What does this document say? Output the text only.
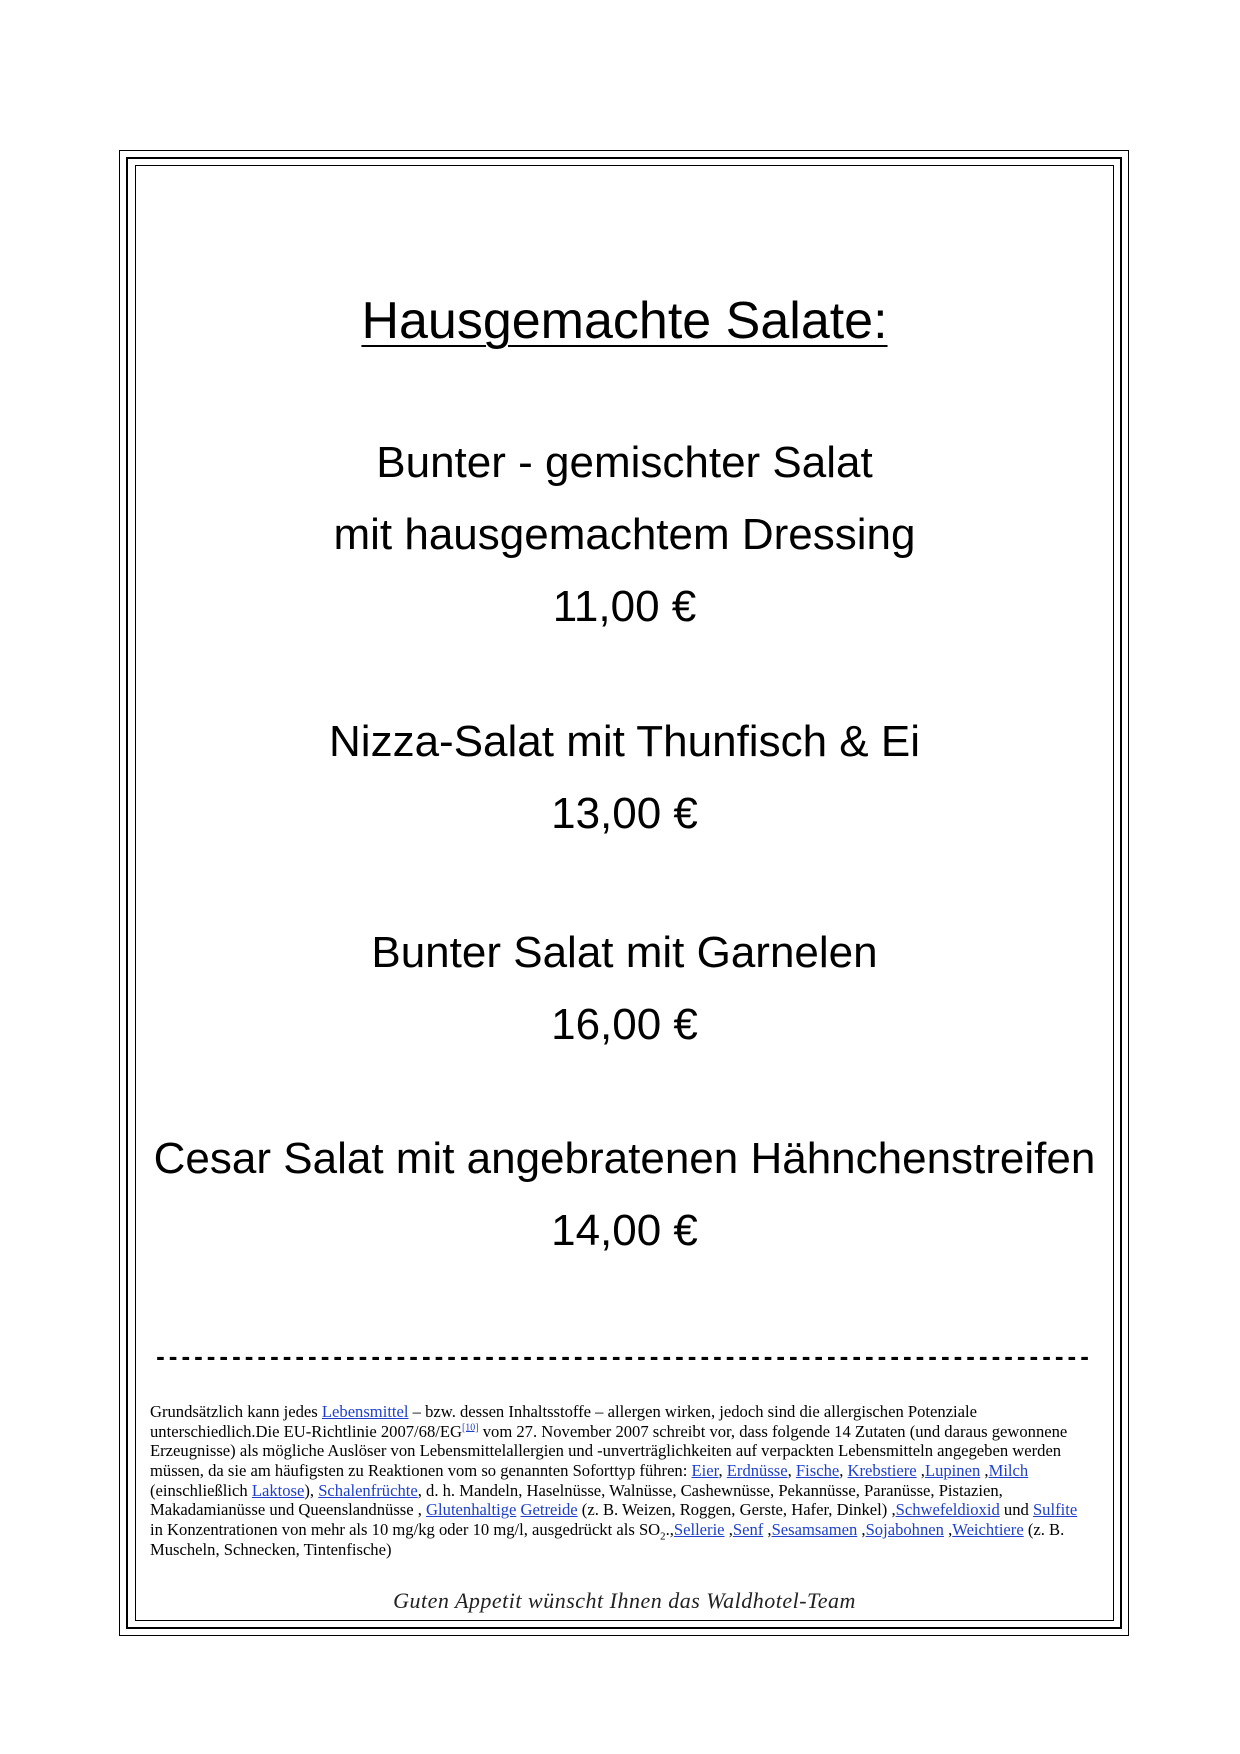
Hausgemachte Salate:
Bunter - gemischter Salat
mit hausgemachtem Dressing
11,00 €
Nizza-Salat mit Thunfisch & Ei
13,00 €
Bunter Salat mit Garnelen
16,00 €
Cesar Salat mit angebratenen Hähnchenstreifen
14,00 €
--------------------------------------------------------------------------
Grundsätzlich kann jedes Lebensmittel – bzw. dessen Inhaltsstoffe – allergen wirken, jedoch sind die allergischen Potenziale
unterschiedlich.Die EU-Richtlinie 2007/68/EG[10] vom 27. November 2007 schreibt vor, dass folgende 14 Zutaten (und daraus gewonnene
Erzeugnisse) als mögliche Auslöser von Lebensmittelallergien und -unverträglichkeiten auf verpackten Lebensmitteln angegeben werden
müssen, da sie am häufigsten zu Reaktionen vom so genannten Soforttyp führen: Eier, Erdnüsse, Fische, Krebstiere ,Lupinen ,Milch
(einschließlich Laktose), Schalenfrüchte, d. h. Mandeln, Haselnüsse, Walnüsse, Cashewnüsse, Pekannüsse, Paranüsse, Pistazien,
Makadamianüsse und Queenslandnüsse , Glutenhaltige Getreide (z. B. Weizen, Roggen, Gerste, Hafer, Dinkel) ,Schwefeldioxid und Sulfite
in Konzentrationen von mehr als 10 mg/kg oder 10 mg/l, ausgedrückt als $SO_2.,Sellerie$ ,Senf ,Sesamsamen ,Sojabohnen ,Weichtiere (z. B.
Muscheln, Schnecken, Tintenfische)
Guten Appetit wünscht Ihnen das Waldhotel-Team
